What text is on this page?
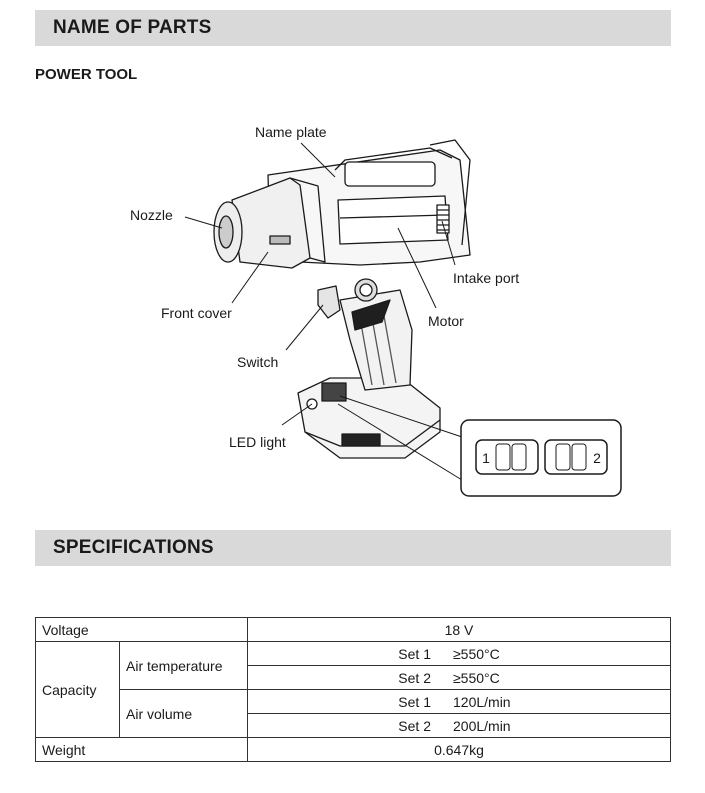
NAME OF PARTS
POWER TOOL
1	2
Name plate
Nozzle
Intake port
Front cover	Motor
Switch
LED light
SPECIFICATIONS
Voltage		18 V
Capacity	Air temperature	Set 1 ≥550°C

		Set 2 ≥550°C

	Air volume	Set 1 120L/min

		Set 2 200L/min

Weight		0.647kg
